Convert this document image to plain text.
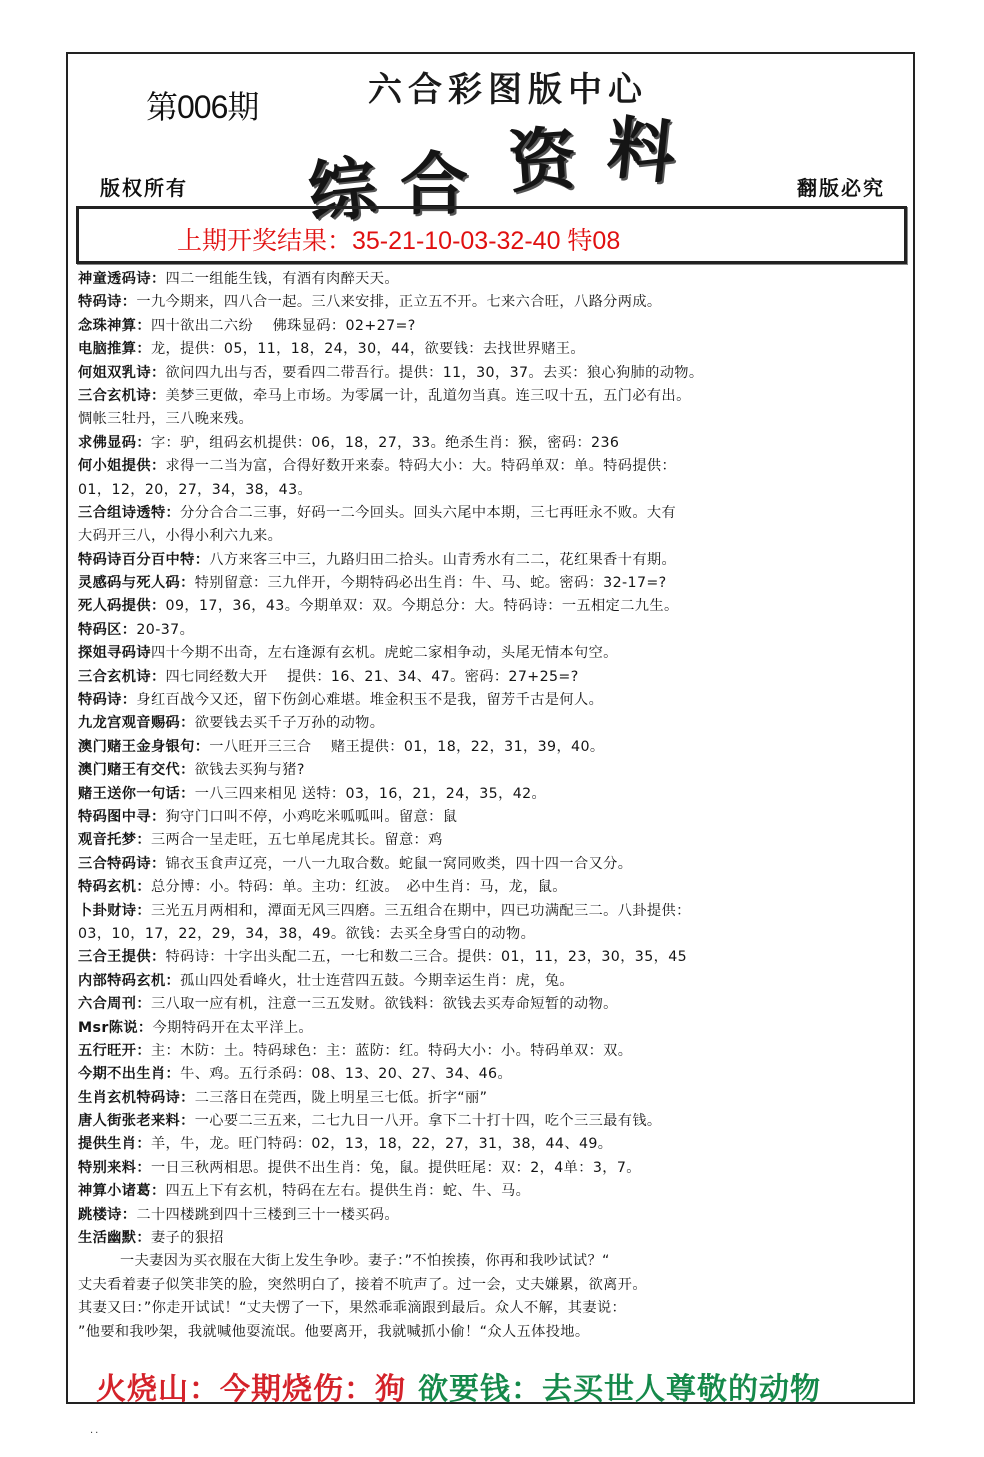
第006期	六合彩图版中心
综 合 资 料
版权所有	翻版必究
上期开奖结果：35-21-10-03-32-40 特08
神童透码诗：四二一组能生钱，有酒有肉醉天天。
特码诗：一九今期来，四八合一起。三八来安排，正立五不开。七来六合旺，八路分两成。
念珠神算：四十欲出二六纷　 佛珠显码：02+27=?
电脑推算：龙，提供：05，11，18，24，30，44，欲要钱：去找世界赌王。
何姐双乳诗：欲问四九出与否，要看四二带吾行。提供：11，30，37。去买：狼心狗肺的动物。
三合玄机诗：美梦三更做，牵马上市场。为零属一计，乱道勿当真。连三叹十五，五门必有出。
惆帐三牡丹，三八晚来残。
求佛显码：字：驴，组码玄机提供：06，18，27，33。绝杀生肖：猴，密码：236
何小姐提供：求得一二当为富，合得好数开来泰。特码大小：大。特码单双：单。特码提供：
01，12，20，27，34，38，43。
三合组诗透特：分分合合二三事，好码一二今回头。回头六尾中本期，三七再旺永不败。大有
大码开三八，小得小利六九来。
特码诗百分百中特：八方来客三中三，九路归田二拾头。山青秀水有二二，花红果香十有期。
灵感码与死人码：特别留意：三九伴开，今期特码必出生肖：牛、马、蛇。密码：32-17=?
死人码提供：09，17，36，43。今期单双：双。今期总分：大。特码诗：一五相定二九生。
特码区：20-37。
探姐寻码诗四十今期不出奇，左右逢源有玄机。虎蛇二家相争动，头尾无情本句空。
三合玄机诗：四七同经数大开　 提供：16、21、34、47。密码：27+25=?
特码诗：身红百战今又还，留下伤剑心难堪。堆金积玉不是我，留芳千古是何人。
九龙宫观音赐码：欲要钱去买千子万孙的动物。
澳门赌王金身银句：一八旺开三三合　 赌王提供：01，18，22，31，39，40。
澳门赌王有交代：欲钱去买狗与猪?
赌王送你一句话：一八三四来相见 送特：03，16，21，24，35，42。
特码图中寻：狗守门口叫不停，小鸡吃米呱呱叫。留意：鼠
观音托梦：三两合一呈走旺，五七单尾虎其长。留意：鸡
三合特码诗：锦衣玉食声辽亮，一八一九取合数。蛇鼠一窝同败类，四十四一合又分。
特码玄机：总分博：小。特码：单。主功：红波。　必中生肖：马，龙，鼠。
卜卦财诗：三光五月两相和，潭面无风三四磨。三五组合在期中，四已功满配三二。八卦提供：
03，10，17，22，29，34，38，49。欲钱：去买全身雪白的动物。
三合王提供：特码诗：十字出头配二五，一七和数二三合。提供：01，11，23，30，35，45
内部特码玄机：孤山四处看峰火，壮士连营四五鼓。今期幸运生肖：虎，兔。
六合周刊：三八取一应有机，注意一三五发财。欲钱料：欲钱去买寿命短暂的动物。
Msr陈说：今期特码开在太平洋上。
五行旺开：主：木防：土。特码球色：主：蓝防：红。特码大小：小。特码单双：双。
今期不出生肖：牛、鸡。五行杀码：08、13、20、27、34、46。
生肖玄机特码诗：二三落日在莞西，陇上明星三七低。折字“丽”
唐人街张老来料：一心要二三五来，二七九日一八开。拿下二十打十四，吃个三三最有钱。
提供生肖：羊，牛，龙。旺门特码：02，13，18，22，27，31，38，44、49。
特别来料：一日三秋两相思。提供不出生肖：兔，鼠。提供旺尾：双：2，4单：3，7。
神算小诸葛：四五上下有玄机，特码在左右。提供生肖：蛇、牛、马。
跳楼诗：二十四楼跳到四十三楼到三十一楼买码。
生活幽默：妻子的狠招
一夫妻因为买衣服在大街上发生争吵。妻子：”不怕挨揍，你再和我吵试试？“
丈夫看着妻子似笑非笑的脸，突然明白了，接着不吭声了。过一会，丈夫嫌累，欲离开。
其妻又曰：”你走开试试！“丈夫愣了一下，果然乖乖滴跟到最后。众人不解，其妻说：
”他要和我吵架，我就喊他耍流氓。他要离开，我就喊抓小偷！“众人五体投地。
火烧山：今期烧伤：狗 欲要钱：去买世人尊敬的动物
··
